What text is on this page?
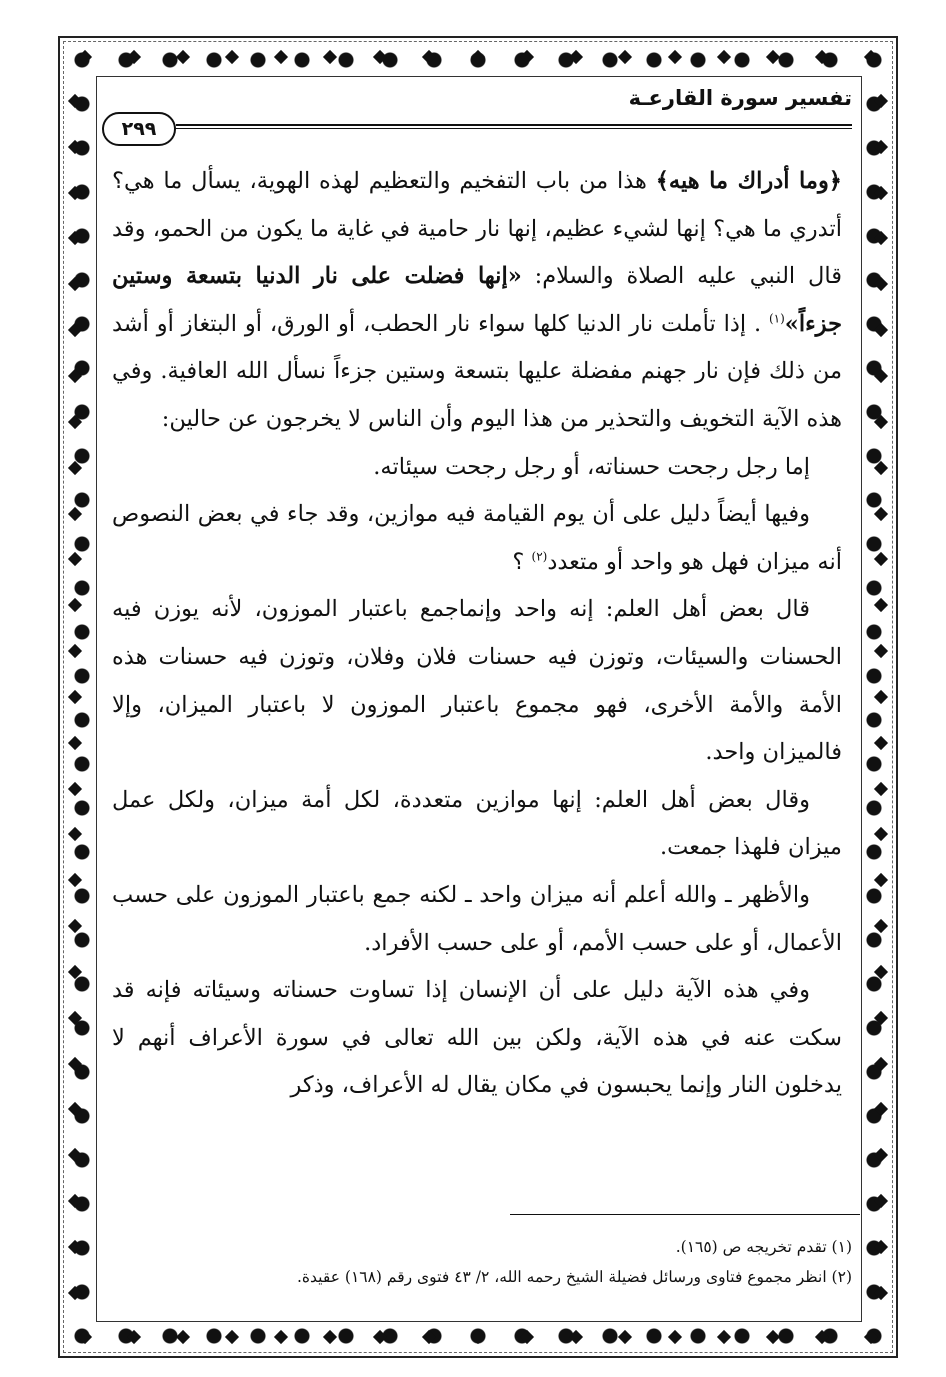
تفسير سورة القارعـة
٢٩٩

﴿وما أدراك ما هيه﴾ هذا من باب التفخيم والتعظيم لهذه الهوية، يسأل ما هي؟ أتدري ما هي؟ إنها لشيء عظيم، إنها نار حامية في غاية ما يكون من الحمو، وقد قال النبي عليه الصلاة والسلام: «إنها فضلت على نار الدنيا بتسعة وستين جزءاً»$^{(١)}$ . إذا تأملت نار الدنيا كلها سواء نار الحطب، أو الورق، أو البتغاز أو أشد من ذلك فإن نار جهنم مفضلة عليها بتسعة وستين جزءاً نسأل الله العافية. وفي هذه الآية التخويف والتحذير من هذا اليوم وأن الناس لا يخرجون عن حالين:

إما رجل رجحت حسناته، أو رجل رجحت سيئاته.

وفيها أيضاً دليل على أن يوم القيامة فيه موازين، وقد جاء في بعض النصوص أنه ميزان فهل هو واحد أو متعدد$^{(٢)}$ ؟

قال بعض أهل العلم: إنه واحد وإنماجمع باعتبار الموزون، لأنه يوزن فيه الحسنات والسيئات، وتوزن فيه حسنات فلان وفلان، وتوزن فيه حسنات هذه الأمة والأمة الأخرى، فهو مجموع باعتبار الموزون لا باعتبار الميزان، وإلا فالميزان واحد.

وقال بعض أهل العلم: إنها موازين متعددة، لكل أمة ميزان، ولكل عمل ميزان فلهذا جمعت.

والأظهر ـ والله أعلم أنه ميزان واحد ـ لكنه جمع باعتبار الموزون على حسب الأعمال، أو على حسب الأمم، أو على حسب الأفراد.

وفي هذه الآية دليل على أن الإنسان إذا تساوت حسناته وسيئاته فإنه قد سكت عنه في هذه الآية، ولكن بين الله تعالى في سورة الأعراف أنهم لا يدخلون النار وإنما يحبسون في مكان يقال له الأعراف، وذكر

(١) تقدم تخريجه ص (١٦٥).

(٢) انظر مجموع فتاوى ورسائل فضيلة الشيخ رحمه الله، ٢/ ٤٣ فتوى رقم (١٦٨) عقيدة.
